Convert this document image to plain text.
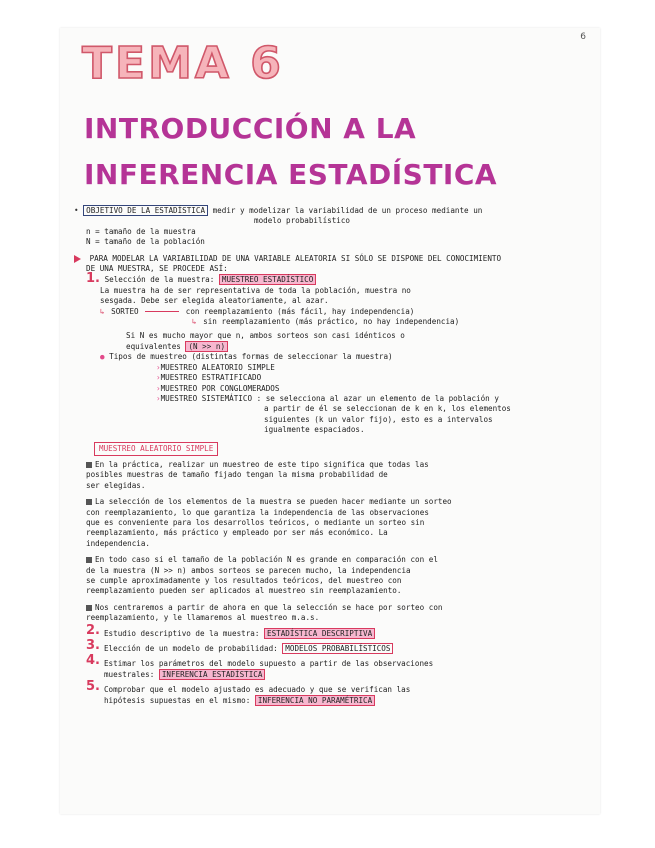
6
TEMA 6
INTRODUCCIÓN A LA INFERENCIA ESTADÍSTICA
• OBJETIVO DE LA ESTADÍSTICA medir y modelizar la variabilidad de un proceso mediante un
modelo probabilístico
n = tamaño de la muestra
N = tamaño de la población
PARA MODELAR LA VARIABILIDAD DE UNA VARIABLE ALEATORIA SI SÓLO SE DISPONE DEL CONOCIMIENTO
DE UNA MUESTRA, SE PROCEDE ASÍ:
1. Selección de la muestra: MUESTREO ESTADÍSTICO
La muestra ha de ser representativa de toda la población, muestra no
sesgada. Debe ser elegida aleatoriamente, al azar.
↳ SORTEO	con reemplazamiento (más fácil, hay independencia)
↳ sin reemplazamiento (más práctico, no hay independencia)
Si N es mucho mayor que n, ambos sorteos son casi idénticos o
equivalentes (N >> n)
● Tipos de muestreo (distintas formas de seleccionar la muestra)
›MUESTREO ALEATORIO SIMPLE
›MUESTREO ESTRATIFICADO
›MUESTREO POR CONGLOMERADOS
›MUESTREO SISTEMÁTICO : se selecciona al azar un elemento de la población y
a partir de él se seleccionan de k en k, los elementos
siguientes (k un valor fijo), esto es a intervalos
igualmente espaciados.
MUESTREO ALEATORIO SIMPLE
En la práctica, realizar un muestreo de este tipo significa que todas las
posibles muestras de tamaño fijado tengan la misma probabilidad de
ser elegidas.
La selección de los elementos de la muestra se pueden hacer mediante un sorteo
con reemplazamiento, lo que garantiza la independencia de las observaciones
que es conveniente para los desarrollos teóricos, o mediante un sorteo sin
reemplazamiento, más práctico y empleado por ser más económico. La
independencia.
En todo caso si el tamaño de la población N es grande en comparación con el
de la muestra (N >> n) ambos sorteos se parecen mucho, la independencia
se cumple aproximadamente y los resultados teóricos, del muestreo con
reemplazamiento pueden ser aplicados al muestreo sin reemplazamiento.
Nos centraremos a partir de ahora en que la selección se hace por sorteo con
reemplazamiento, y le llamaremos al muestreo m.a.s.
2. Estudio descriptivo de la muestra: ESTADÍSTICA DESCRIPTIVA
3. Elección de un modelo de probabilidad: MODELOS PROBABILÍSTICOS
4. Estimar los parámetros del modelo supuesto a partir de las observaciones
muestrales: INFERENCIA ESTADÍSTICA
5. Comprobar que el modelo ajustado es adecuado y que se verifican las
hipótesis supuestas en el mismo: INFERENCIA NO PARAMÉTRICA
